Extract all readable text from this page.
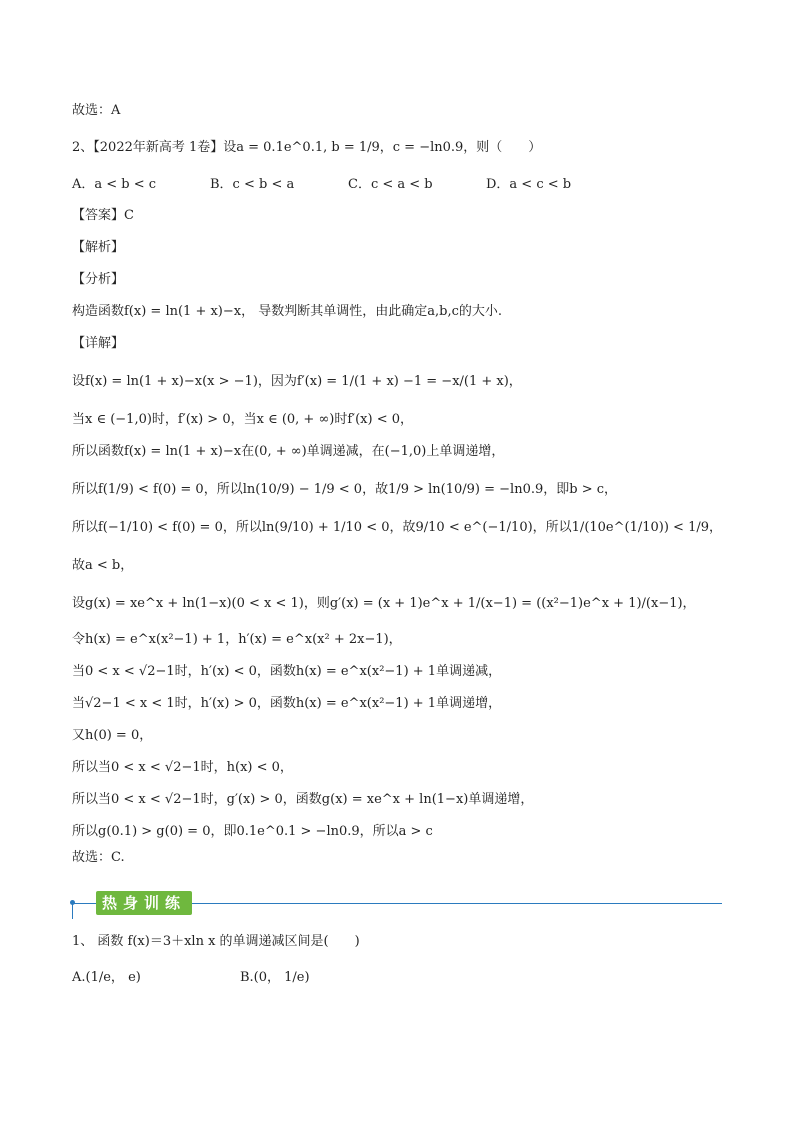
故选：A
2、【2022年新高考 1卷】设a = 0.1e^0.1, b = 1/9，c = −ln0.9，则（　　）
【答案】C
【解析】
【分析】
构造函数f(x) = ln(1 + x)−x， 导数判断其单调性，由此确定a,b,c的大小.
【详解】
设f(x) = ln(1 + x)−x(x > −1)，因为f′(x) = 1/(1 + x) −1 = −x/(1 + x)，
当x ∈ (−1,0)时，f′(x) > 0，当x ∈ (0, + ∞)时f′(x) < 0，
所以函数f(x) = ln(1 + x)−x在(0, + ∞)单调递减，在(−1,0)上单调递增，
所以f(1/9) < f(0) = 0，所以ln(10/9) − 1/9 < 0，故1/9 > ln(10/9) = −ln0.9，即b > c，
所以f(−1/10) < f(0) = 0，所以ln(9/10) + 1/10 < 0，故9/10 < e^(−1/10)，所以1/(10e^(1/10)) < 1/9，
故a < b，
设g(x) = xe^x + ln(1−x)(0 < x < 1)，则g′(x) = (x + 1)e^x + 1/(x−1) = ((x²−1)e^x + 1)/(x−1)，
令h(x) = e^x(x²−1) + 1，h′(x) = e^x(x² + 2x−1)，
当0 < x < √2−1时，h′(x) < 0，函数h(x) = e^x(x²−1) + 1单调递减，
当√2−1 < x < 1时，h′(x) > 0，函数h(x) = e^x(x²−1) + 1单调递增，
又h(0) = 0，
所以当0 < x < √2−1时，h(x) < 0，
所以当0 < x < √2−1时，g′(x) > 0，函数g(x) = xe^x + ln(1−x)单调递增，
所以g(0.1) > g(0) = 0，即0.1e^0.1 > −ln0.9，所以a > c
故选：C.
A．a < b < c	B．c < b < a	C．c < a < b	D．a < c < b
热身训练
1、 函数 f(x)＝3＋xln x 的单调递减区间是(　　)
A.(1/e， e)	B.(0， 1/e)
